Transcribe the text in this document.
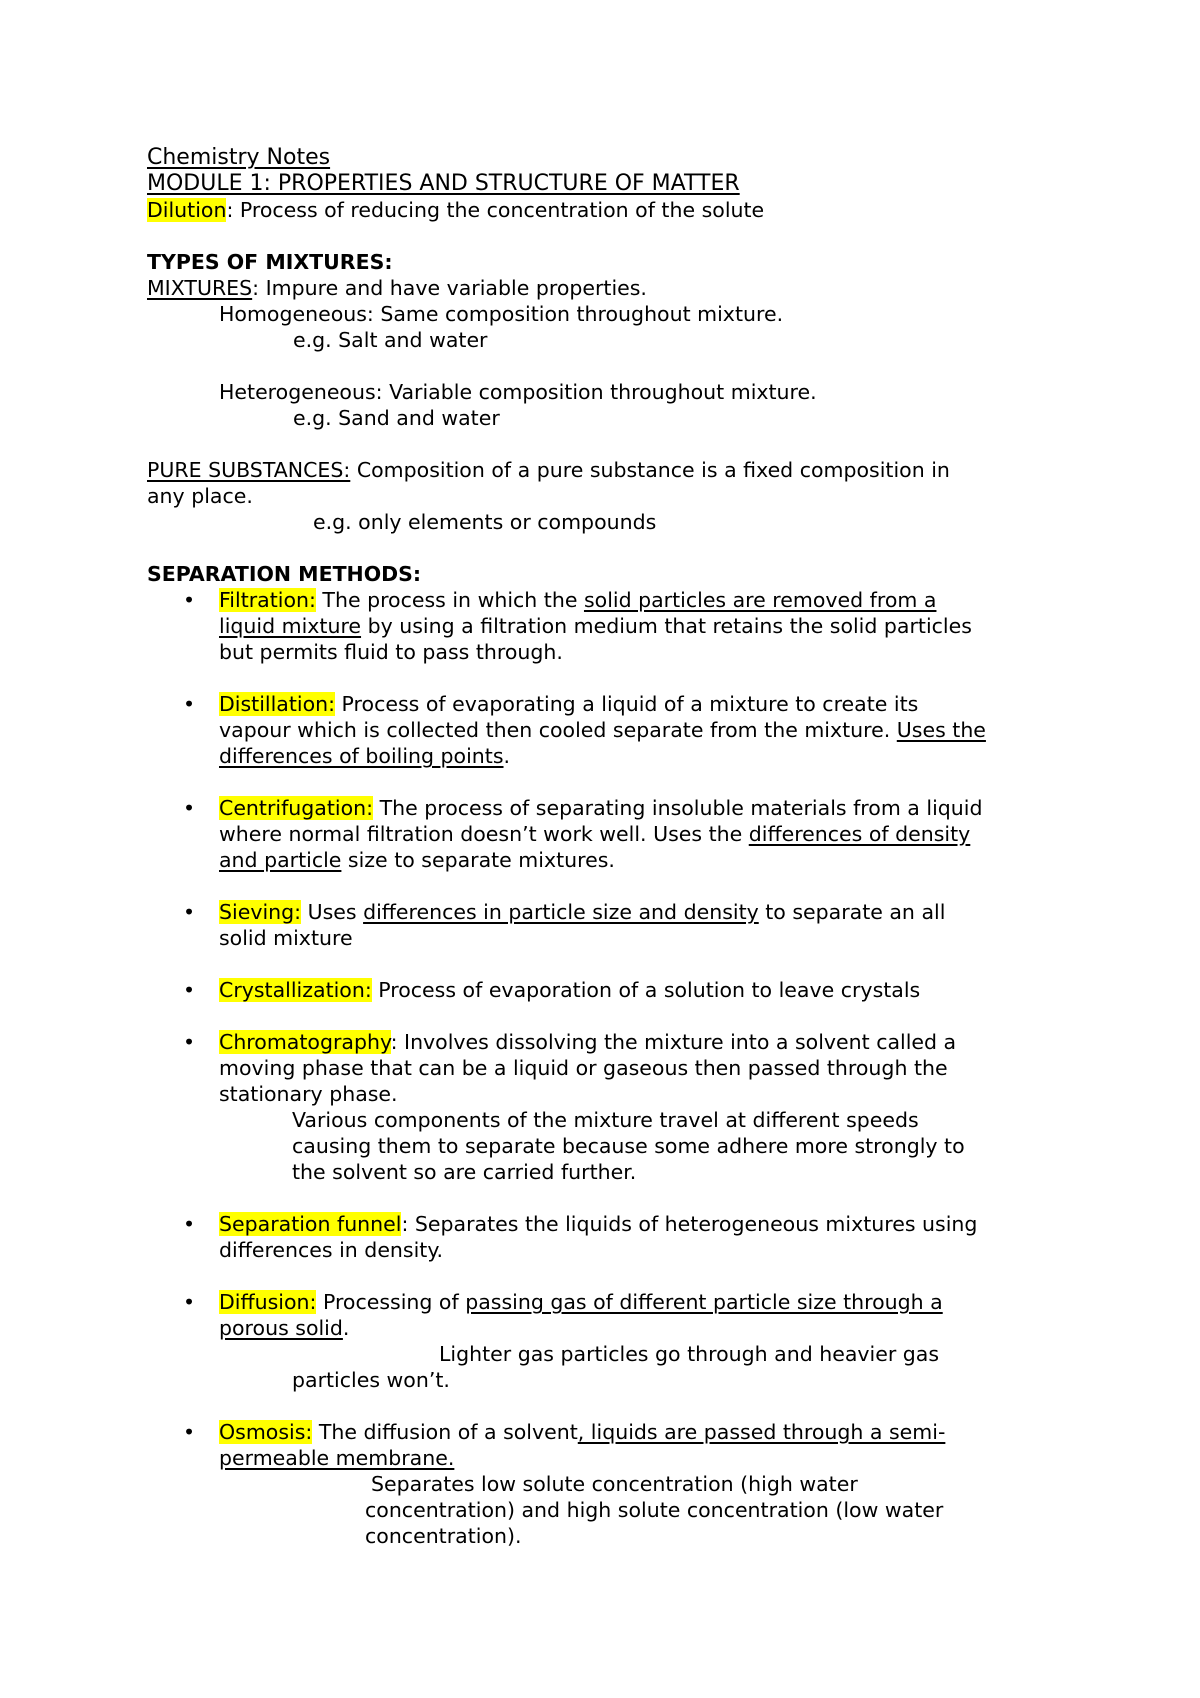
Chemistry Notes
MODULE 1: PROPERTIES AND STRUCTURE OF MATTER
Dilution: Process of reducing the concentration of the solute
TYPES OF MIXTURES:
MIXTURES: Impure and have variable properties.
Homogeneous: Same composition throughout mixture.
e.g. Salt and water
Heterogeneous: Variable composition throughout mixture.
e.g. Sand and water
PURE SUBSTANCES: Composition of a pure substance is a fixed composition in
any place.
e.g. only elements or compounds
SEPARATION METHODS:
• Filtration: The process in which the solid particles are removed from a
liquid mixture by using a filtration medium that retains the solid particles
but permits fluid to pass through.
• Distillation: Process of evaporating a liquid of a mixture to create its
vapour which is collected then cooled separate from the mixture. Uses the
differences of boiling points.
• Centrifugation: The process of separating insoluble materials from a liquid
where normal filtration doesn’t work well. Uses the differences of density
and particle size to separate mixtures.
• Sieving: Uses differences in particle size and density to separate an all
solid mixture
• Crystallization: Process of evaporation of a solution to leave crystals
• Chromatography: Involves dissolving the mixture into a solvent called a
moving phase that can be a liquid or gaseous then passed through the
stationary phase.
Various components of the mixture travel at different speeds
causing them to separate because some adhere more strongly to
the solvent so are carried further.
• Separation funnel: Separates the liquids of heterogeneous mixtures using
differences in density.
• Diffusion: Processing of passing gas of different particle size through a
porous solid.
Lighter gas particles go through and heavier gas
particles won’t.
• Osmosis: The diffusion of a solvent, liquids are passed through a semi-
permeable membrane.
Separates low solute concentration (high water
concentration) and high solute concentration (low water
concentration).
